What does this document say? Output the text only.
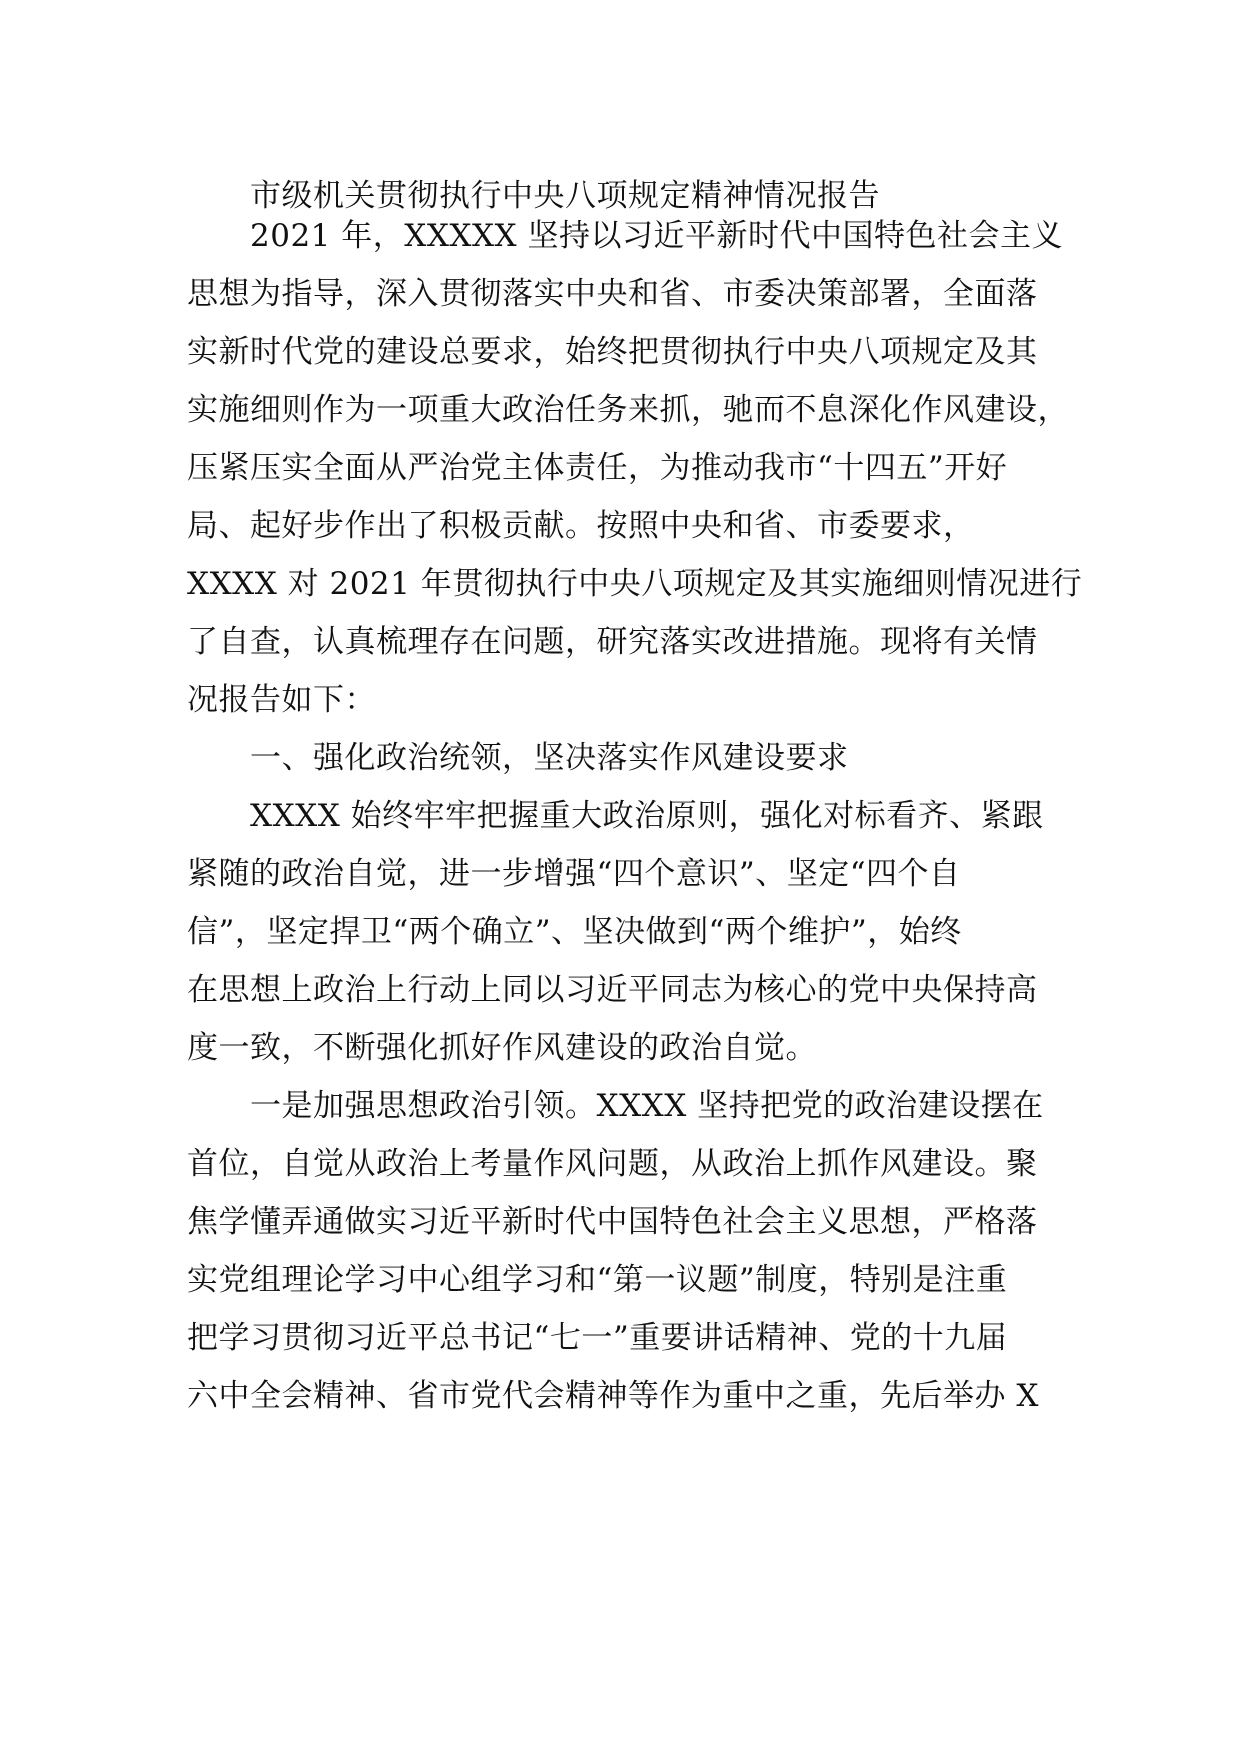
市级机关贯彻执行中央八项规定精神情况报告
2021 年，XXXXX 坚持以习近平新时代中国特色社会主义
思想为指导，深入贯彻落实中央和省、市委决策部署，全面落
实新时代党的建设总要求，始终把贯彻执行中央八项规定及其
实施细则作为一项重大政治任务来抓，驰而不息深化作风建设，
压紧压实全面从严治党主体责任，为推动我市“十四五”开好
局、起好步作出了积极贡献。按照中央和省、市委要求，
XXXX 对 2021 年贯彻执行中央八项规定及其实施细则情况进行
了自查，认真梳理存在问题，研究落实改进措施。现将有关情
况报告如下：
一、强化政治统领，坚决落实作风建设要求
XXXX 始终牢牢把握重大政治原则，强化对标看齐、紧跟
紧随的政治自觉，进一步增强“四个意识”、坚定“四个自
信”，坚定捍卫“两个确立”、坚决做到“两个维护”，始终
在思想上政治上行动上同以习近平同志为核心的党中央保持高
度一致，不断强化抓好作风建设的政治自觉。
一是加强思想政治引领。XXXX 坚持把党的政治建设摆在
首位，自觉从政治上考量作风问题，从政治上抓作风建设。聚
焦学懂弄通做实习近平新时代中国特色社会主义思想，严格落
实党组理论学习中心组学习和“第一议题”制度，特别是注重
把学习贯彻习近平总书记“七一”重要讲话精神、党的十九届
六中全会精神、省市党代会精神等作为重中之重，先后举办 X
